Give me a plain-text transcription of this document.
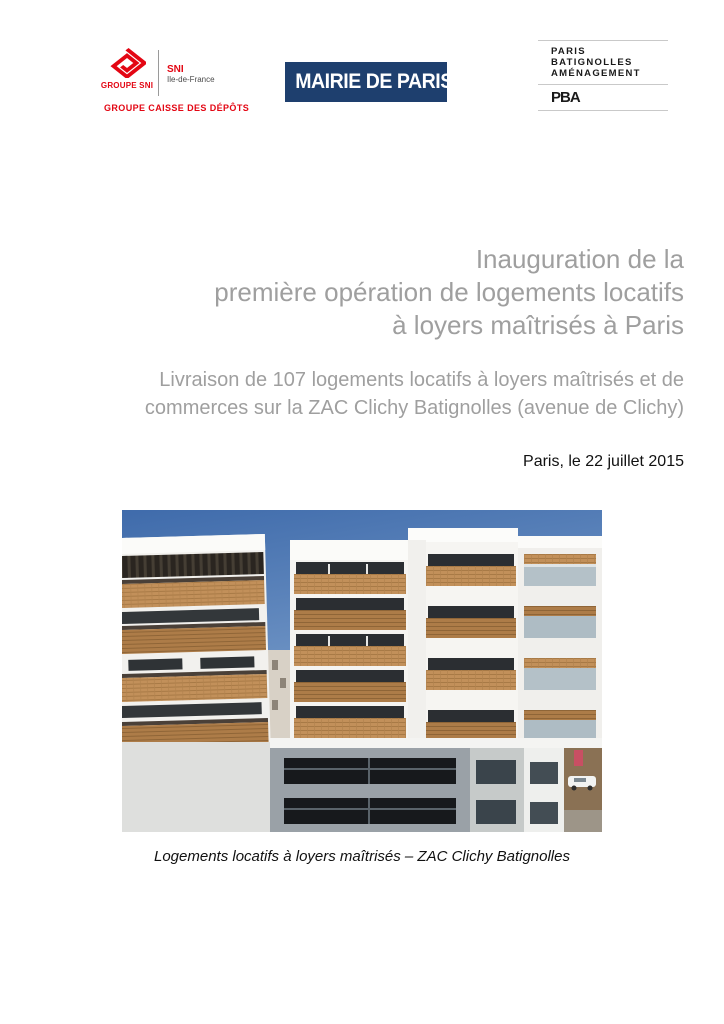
GROUPE SNI
SNI
Ile-de-France
GROUPE CAISSE DES DÉPÔTS
MAIRIE DE PARIS
PARIS
BATIGNOLLES
AMÉNAGEMENT
PBA
Inauguration de la
première opération de logements locatifs
à loyers maîtrisés à Paris
Livraison de 107 logements locatifs à loyers maîtrisés et de
commerces sur la ZAC Clichy Batignolles (avenue de Clichy)
Paris, le 22 juillet 2015
Logements locatifs à loyers maîtrisés – ZAC Clichy Batignolles
